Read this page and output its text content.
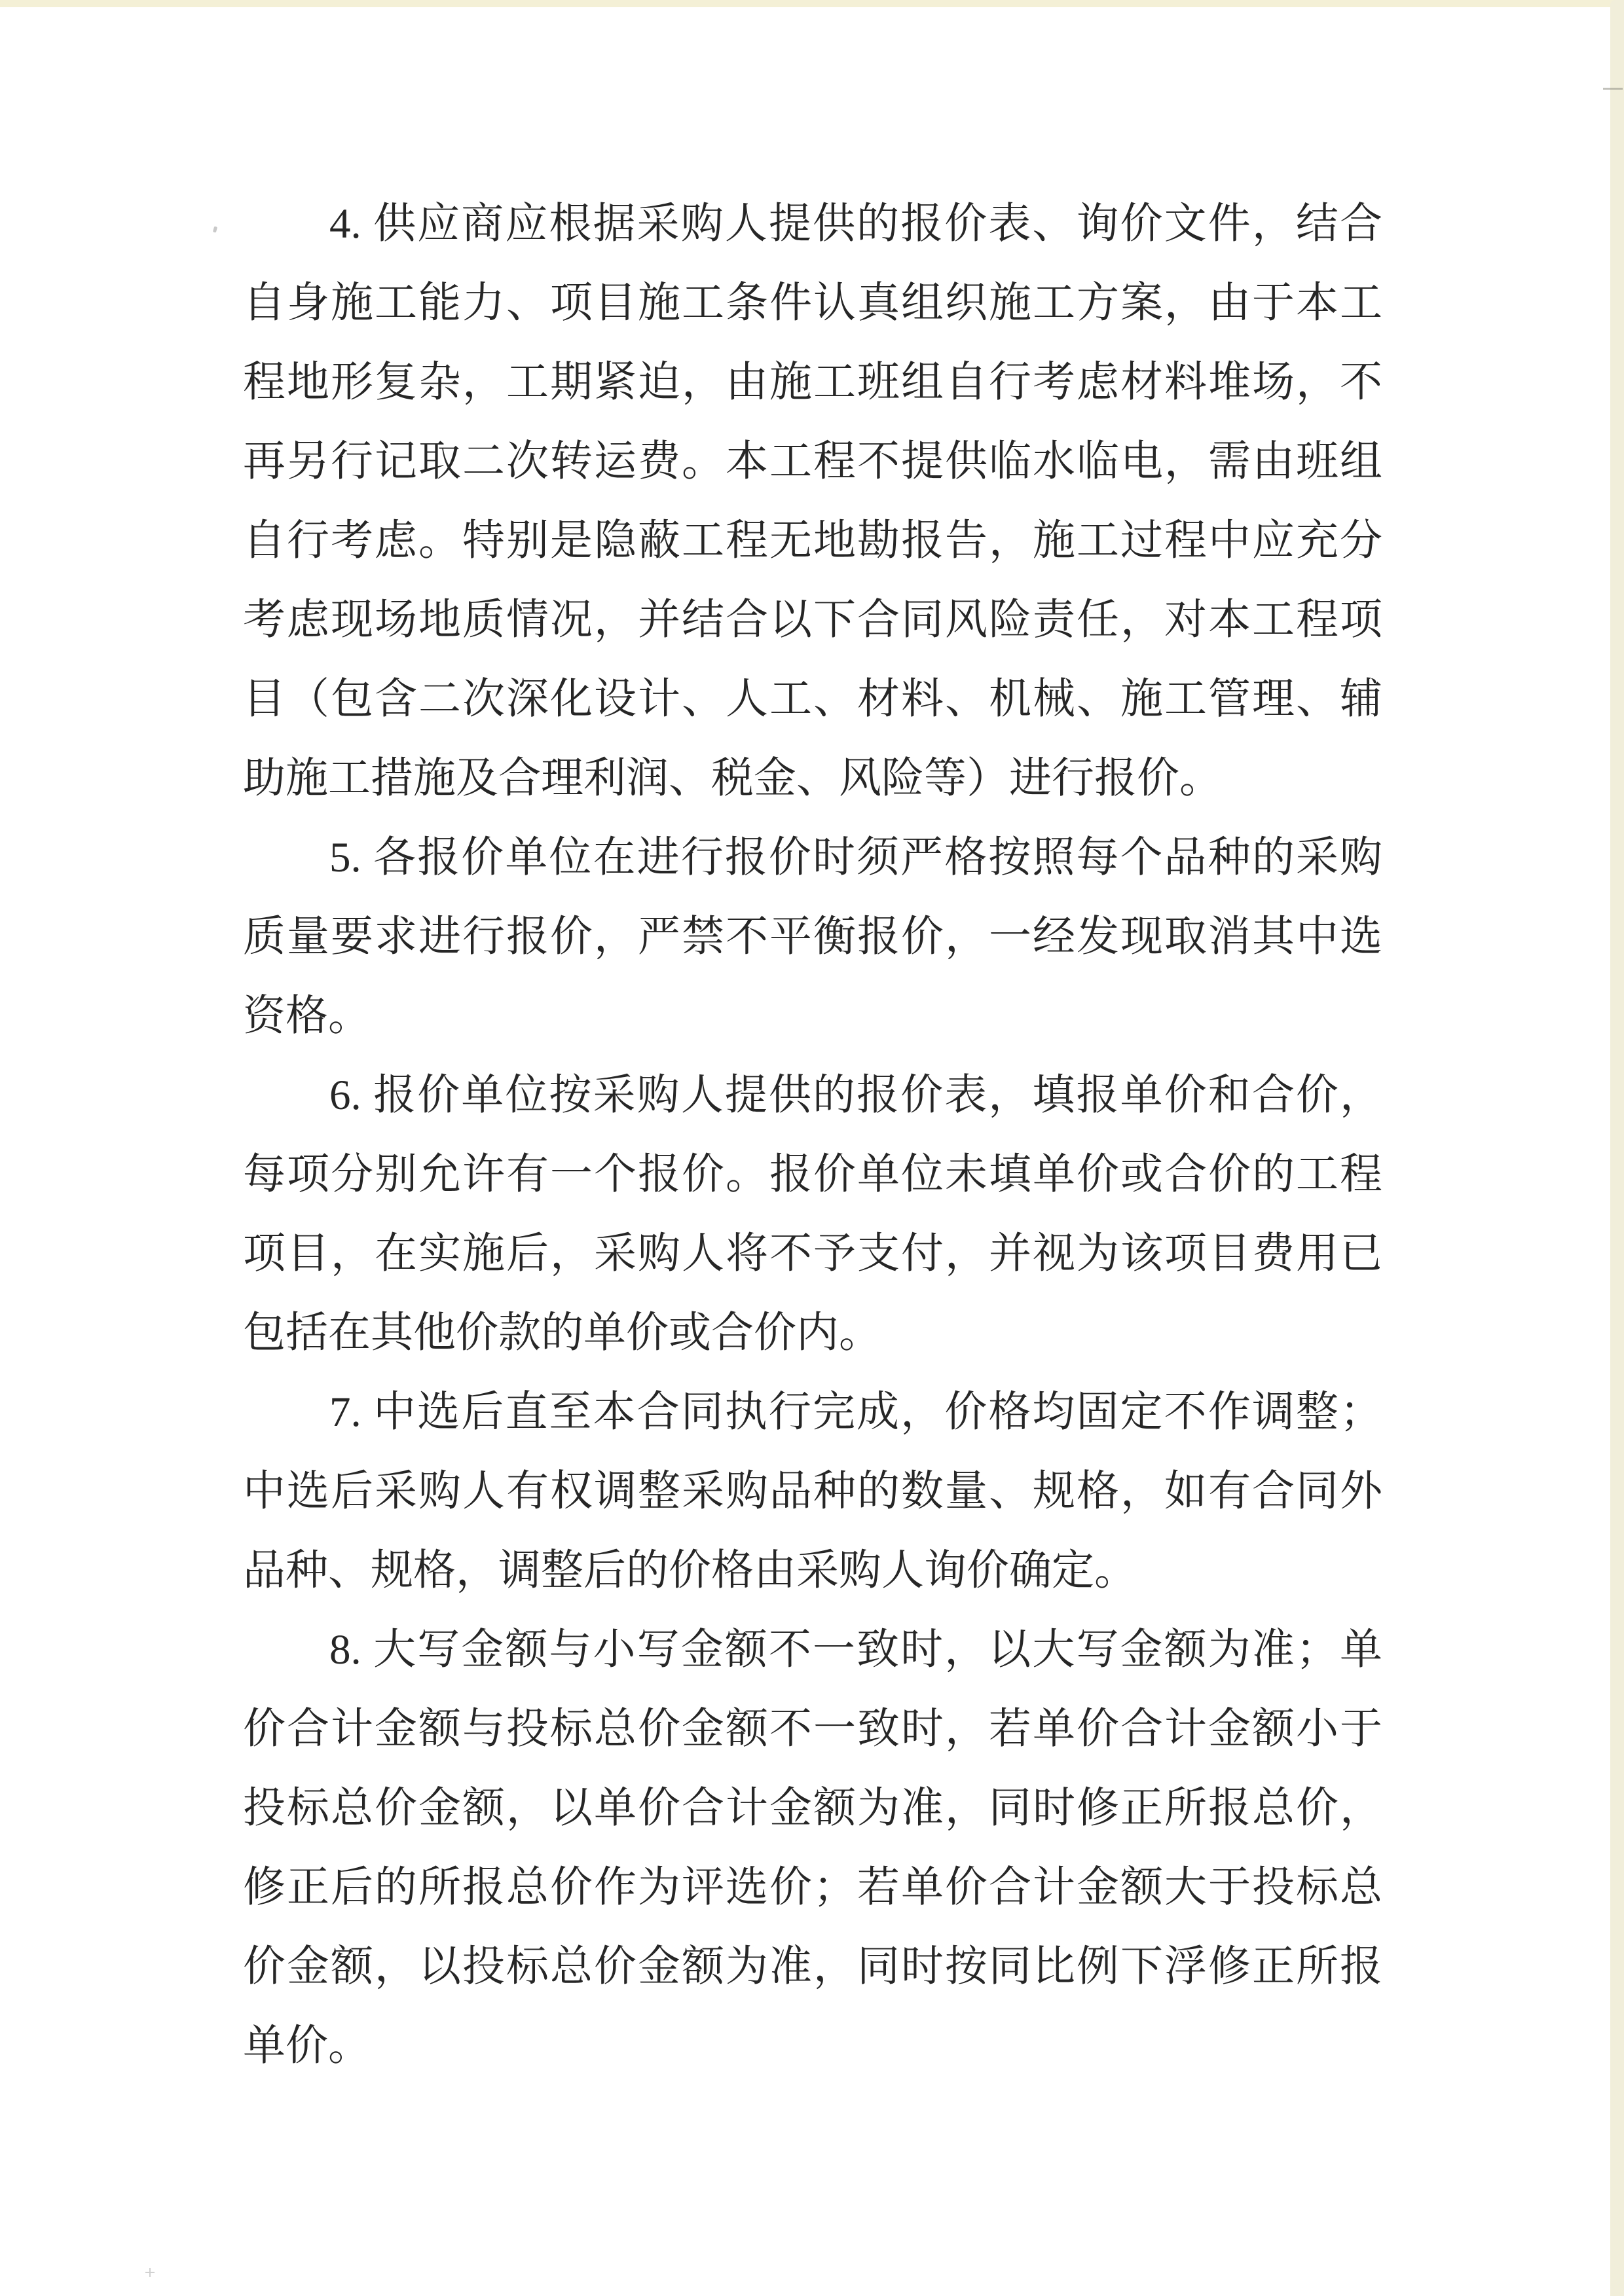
4. 供应商应根据采购人提供的报价表、询价文件，结合
自身施工能力、项目施工条件认真组织施工方案，由于本工
程地形复杂，工期紧迫，由施工班组自行考虑材料堆场，不
再另行记取二次转运费。本工程不提供临水临电，需由班组
自行考虑。特别是隐蔽工程无地勘报告，施工过程中应充分
考虑现场地质情况，并结合以下合同风险责任，对本工程项
目（包含二次深化设计、人工、材料、机械、施工管理、辅
助施工措施及合理利润、税金、风险等）进行报价。
5. 各报价单位在进行报价时须严格按照每个品种的采购
质量要求进行报价，严禁不平衡报价，一经发现取消其中选
资格。
6. 报价单位按采购人提供的报价表，填报单价和合价，
每项分别允许有一个报价。报价单位未填单价或合价的工程
项目，在实施后，采购人将不予支付，并视为该项目费用已
包括在其他价款的单价或合价内。
7. 中选后直至本合同执行完成，价格均固定不作调整；
中选后采购人有权调整采购品种的数量、规格，如有合同外
品种、规格，调整后的价格由采购人询价确定。
8. 大写金额与小写金额不一致时，以大写金额为准；单
价合计金额与投标总价金额不一致时，若单价合计金额小于
投标总价金额，以单价合计金额为准，同时修正所报总价，
修正后的所报总价作为评选价；若单价合计金额大于投标总
价金额，以投标总价金额为准，同时按同比例下浮修正所报
单价。
